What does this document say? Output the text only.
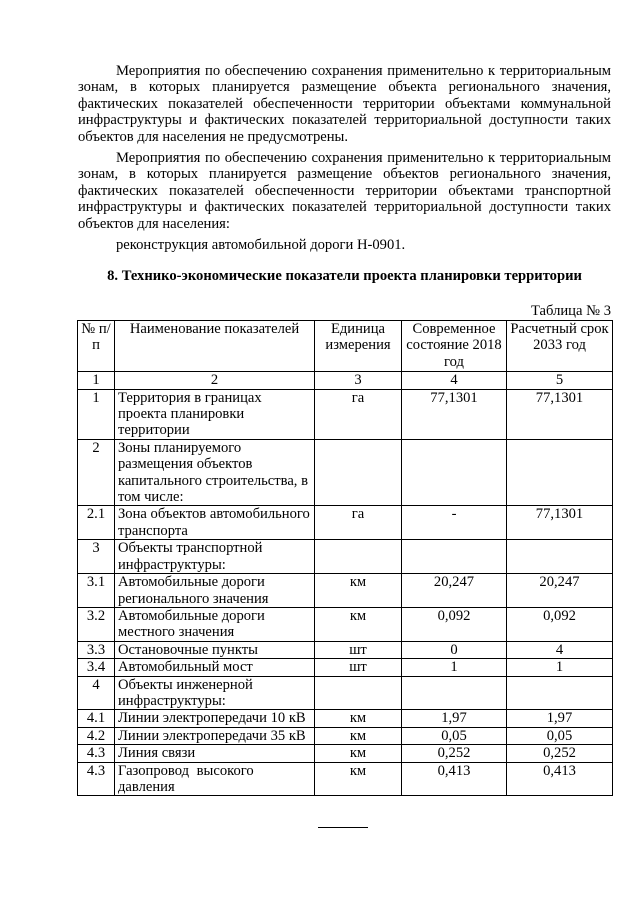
Мероприятия по обеспечению сохранения применительно к территориальным зонам, в которых планируется размещение объекта регионального значения, фактических показателей обеспеченности территории объектами коммунальной инфраструктуры и фактических показателей территориальной доступности таких объектов для населения не предусмотрены.

Мероприятия по обеспечению сохранения применительно к территориальным зонам, в которых планируется размещение объектов регионального значения, фактических показателей обеспеченности территории объектами транспортной инфраструктуры и фактических показателей территориальной доступности таких объектов для населения:

реконструкция автомобильной дороги Н-0901.

8. Технико-экономические показатели проекта планировки территории
Таблица № 3
№ п/п	Наименование показателей	Единица измерения	Современное состояние 2018 год	Расчетный срок 2033 год
1	2	3	4	5
1	Территория в границах проекта планировки территории	га	77,1301	77,1301
2	Зоны планируемого размещения объектов капитального строительства, в том числе:			
2.1	Зона объектов автомобильного транспорта	га	-	77,1301
3	Объекты транспортной инфраструктуры:			
3.1	Автомобильные дороги регионального значения	км	20,247	20,247
3.2	Автомобильные дороги местного значения	км	0,092	0,092
3.3	Остановочные пункты	шт	0	4
3.4	Автомобильный мост	шт	1	1
4	Объекты инженерной инфраструктуры:			
4.1	Линии электропередачи 10 кВ	км	1,97	1,97
4.2	Линии электропередачи 35 кВ	км	0,05	0,05
4.3	Линия связи	км	0,252	0,252
4.3	Газопровод высокого давления	км	0,413	0,413
